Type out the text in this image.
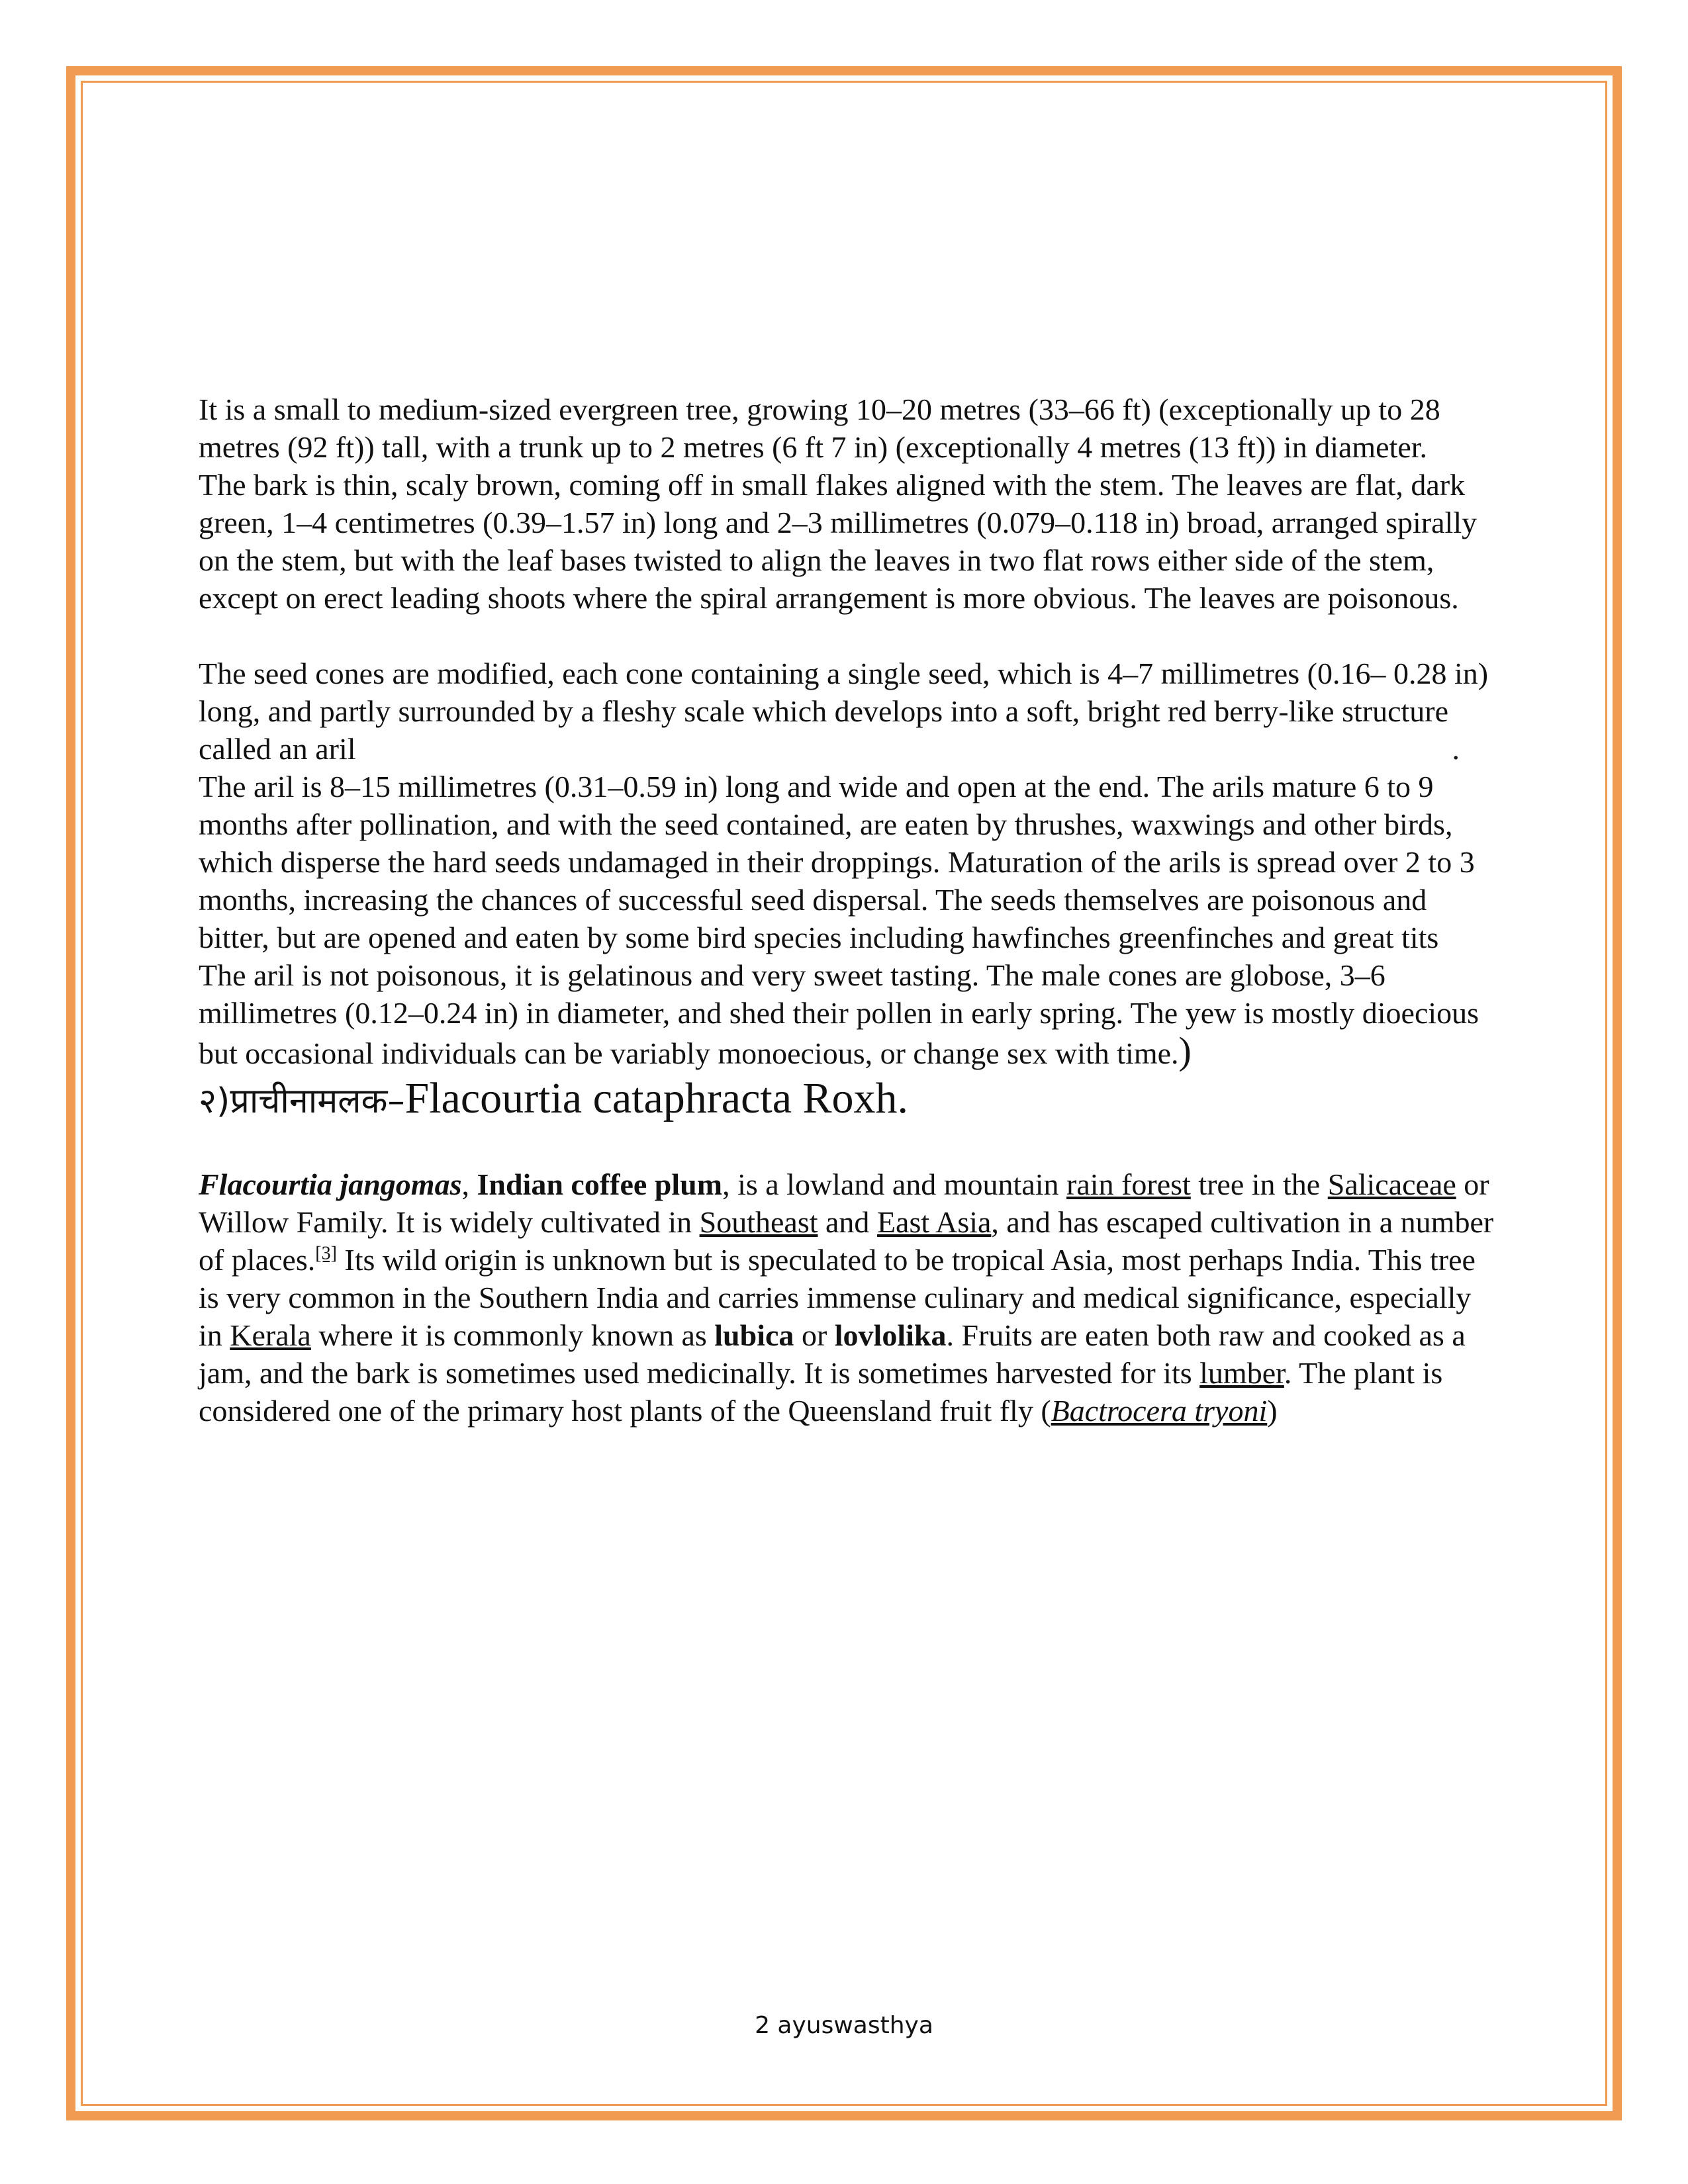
It is a small to medium-sized evergreen tree, growing 10–20 metres (33–66 ft) (exceptionally up to 28 metres (92 ft)) tall, with a trunk up to 2 metres (6 ft 7 in) (exceptionally 4 metres (13 ft)) in diameter.

The bark is thin, scaly brown, coming off in small flakes aligned with the stem. The leaves are flat, dark green, 1–4 centimetres (0.39–1.57 in) long and 2–3 millimetres (0.079–0.118 in) broad, arranged spirally on the stem, but with the leaf bases twisted to align the leaves in two flat rows either side of the stem, except on erect leading shoots where the spiral arrangement is more obvious. The leaves are poisonous.

The seed cones are modified, each cone containing a single seed, which is 4–7 millimetres (0.16– 0.28 in) long, and partly surrounded by a fleshy scale which develops into a soft, bright red berry-like structure called an aril	.

The aril is 8–15 millimetres (0.31–0.59 in) long and wide and open at the end. The arils mature 6 to 9 months after pollination, and with the seed contained, are eaten by thrushes, waxwings and other birds, which disperse the hard seeds undamaged in their droppings. Maturation of the arils is spread over 2 to 3 months, increasing the chances of successful seed dispersal. The seeds themselves are poisonous and bitter, but are opened and eaten by some bird species including hawfinches greenfinches and great tits

The aril is not poisonous, it is gelatinous and very sweet tasting. The male cones are globose, 3–6 millimetres (0.12–0.24 in) in diameter, and shed their pollen in early spring. The yew is mostly dioecious but occasional individuals can be variably monoecious, or change sex with time.)

२)प्राचीनामलक–Flacourtia cataphracta Roxh.

Flacourtia jangomas, Indian coffee plum, is a lowland and mountain rain forest tree in the Salicaceae or Willow Family. It is widely cultivated in Southeast and East Asia, and has escaped cultivation in a number of places.[3] Its wild origin is unknown but is speculated to be tropical Asia, most perhaps India. This tree is very common in the Southern India and carries immense culinary and medical significance, especially in Kerala where it is commonly known as lubica or lovlolika. Fruits are eaten both raw and cooked as a jam, and the bark is sometimes used medicinally. It is sometimes harvested for its lumber. The plant is considered one of the primary host plants of the Queensland fruit fly (Bactrocera tryoni)

2 ayuswasthya
